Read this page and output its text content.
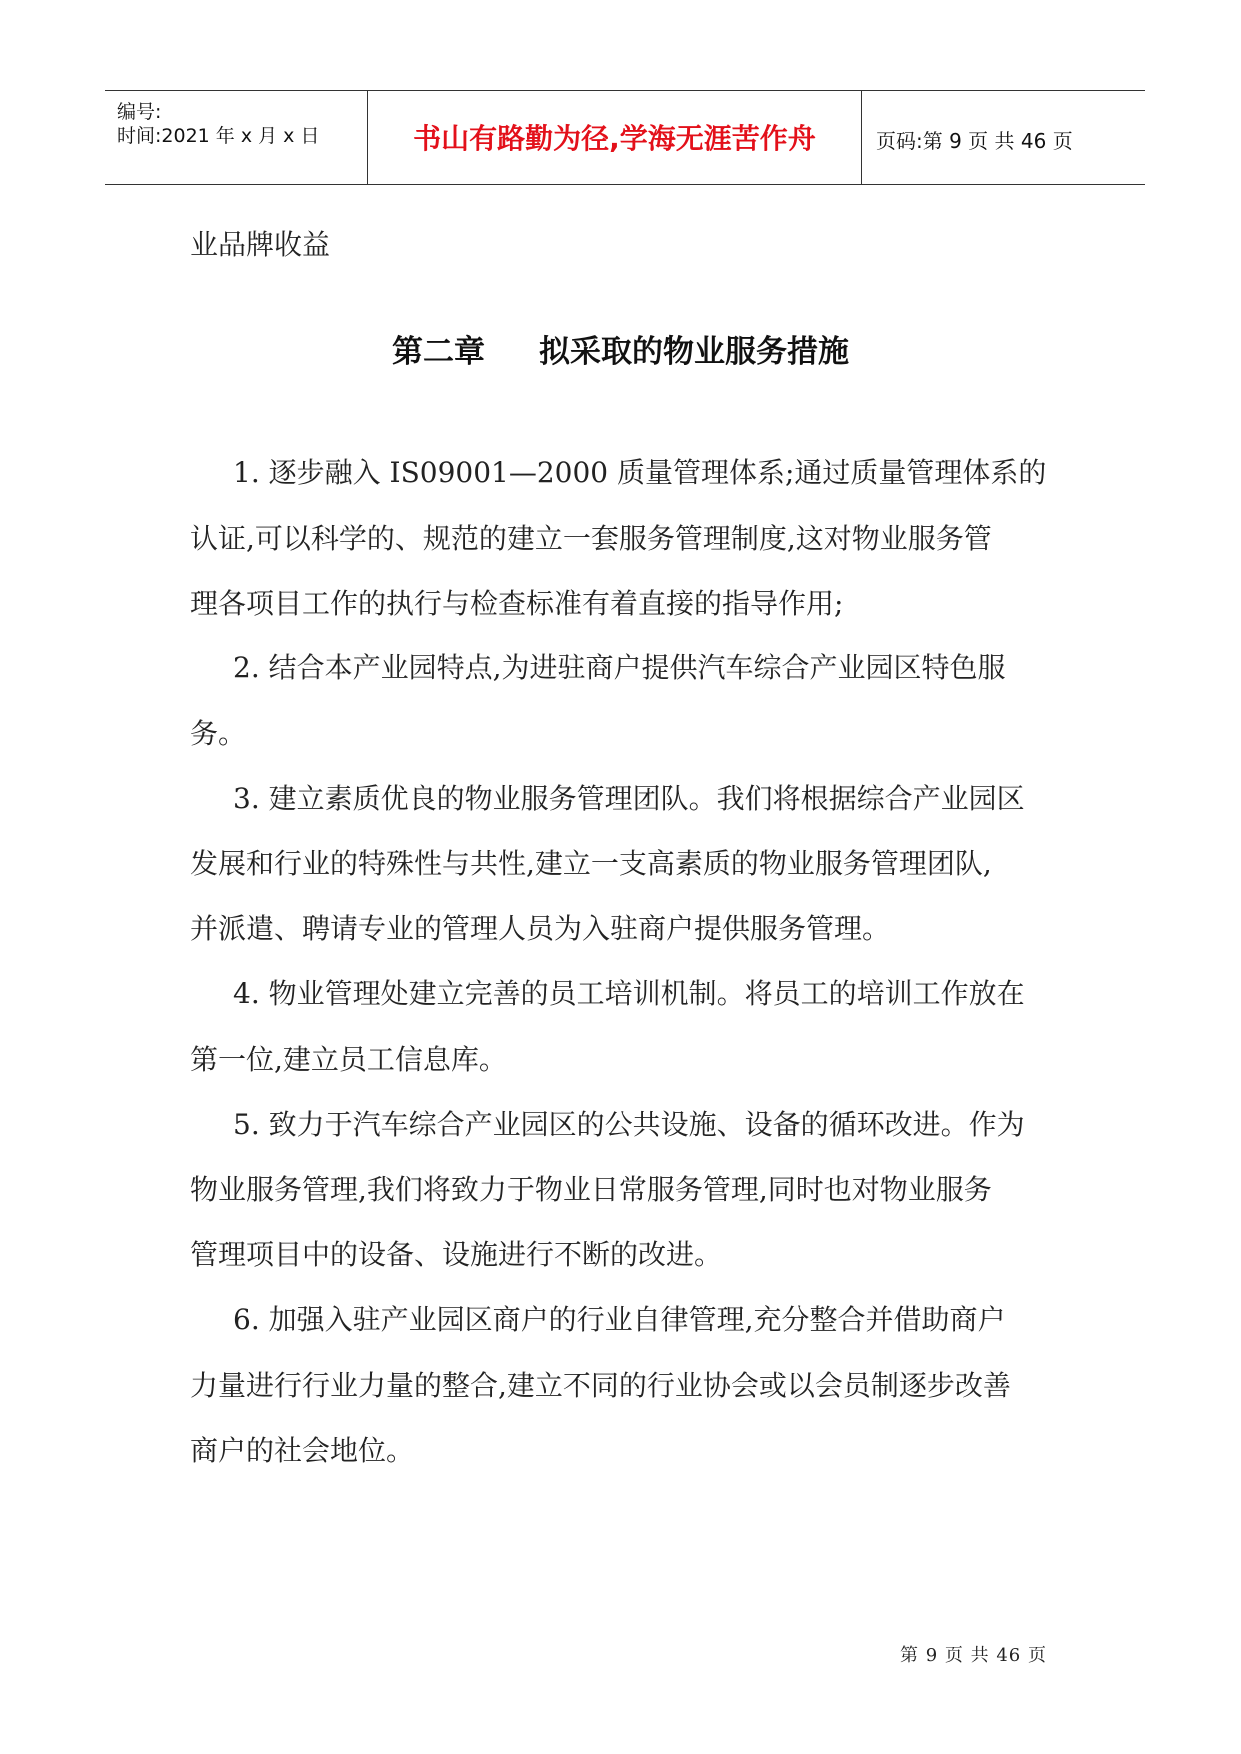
编号:
时间:2021 年 x 月 x 日	书山有路勤为径,学海无涯苦作舟	页码:第 9 页 共 46 页
业品牌收益
第二章     拟采取的物业服务措施
1. 逐步融入 IS09001—2000 质量管理体系;通过质量管理体系的
认证,可以科学的、规范的建立一套服务管理制度,这对物业服务管
理各项目工作的执行与检查标准有着直接的指导作用;
2. 结合本产业园特点,为进驻商户提供汽车综合产业园区特色服
务。
3. 建立素质优良的物业服务管理团队。我们将根据综合产业园区
发展和行业的特殊性与共性,建立一支高素质的物业服务管理团队,
并派遣、聘请专业的管理人员为入驻商户提供服务管理。
4. 物业管理处建立完善的员工培训机制。将员工的培训工作放在
第一位,建立员工信息库。
5. 致力于汽车综合产业园区的公共设施、设备的循环改进。作为
物业服务管理,我们将致力于物业日常服务管理,同时也对物业服务
管理项目中的设备、设施进行不断的改进。
6. 加强入驻产业园区商户的行业自律管理,充分整合并借助商户
力量进行行业力量的整合,建立不同的行业协会或以会员制逐步改善
商户的社会地位。
第 9 页 共 46 页
